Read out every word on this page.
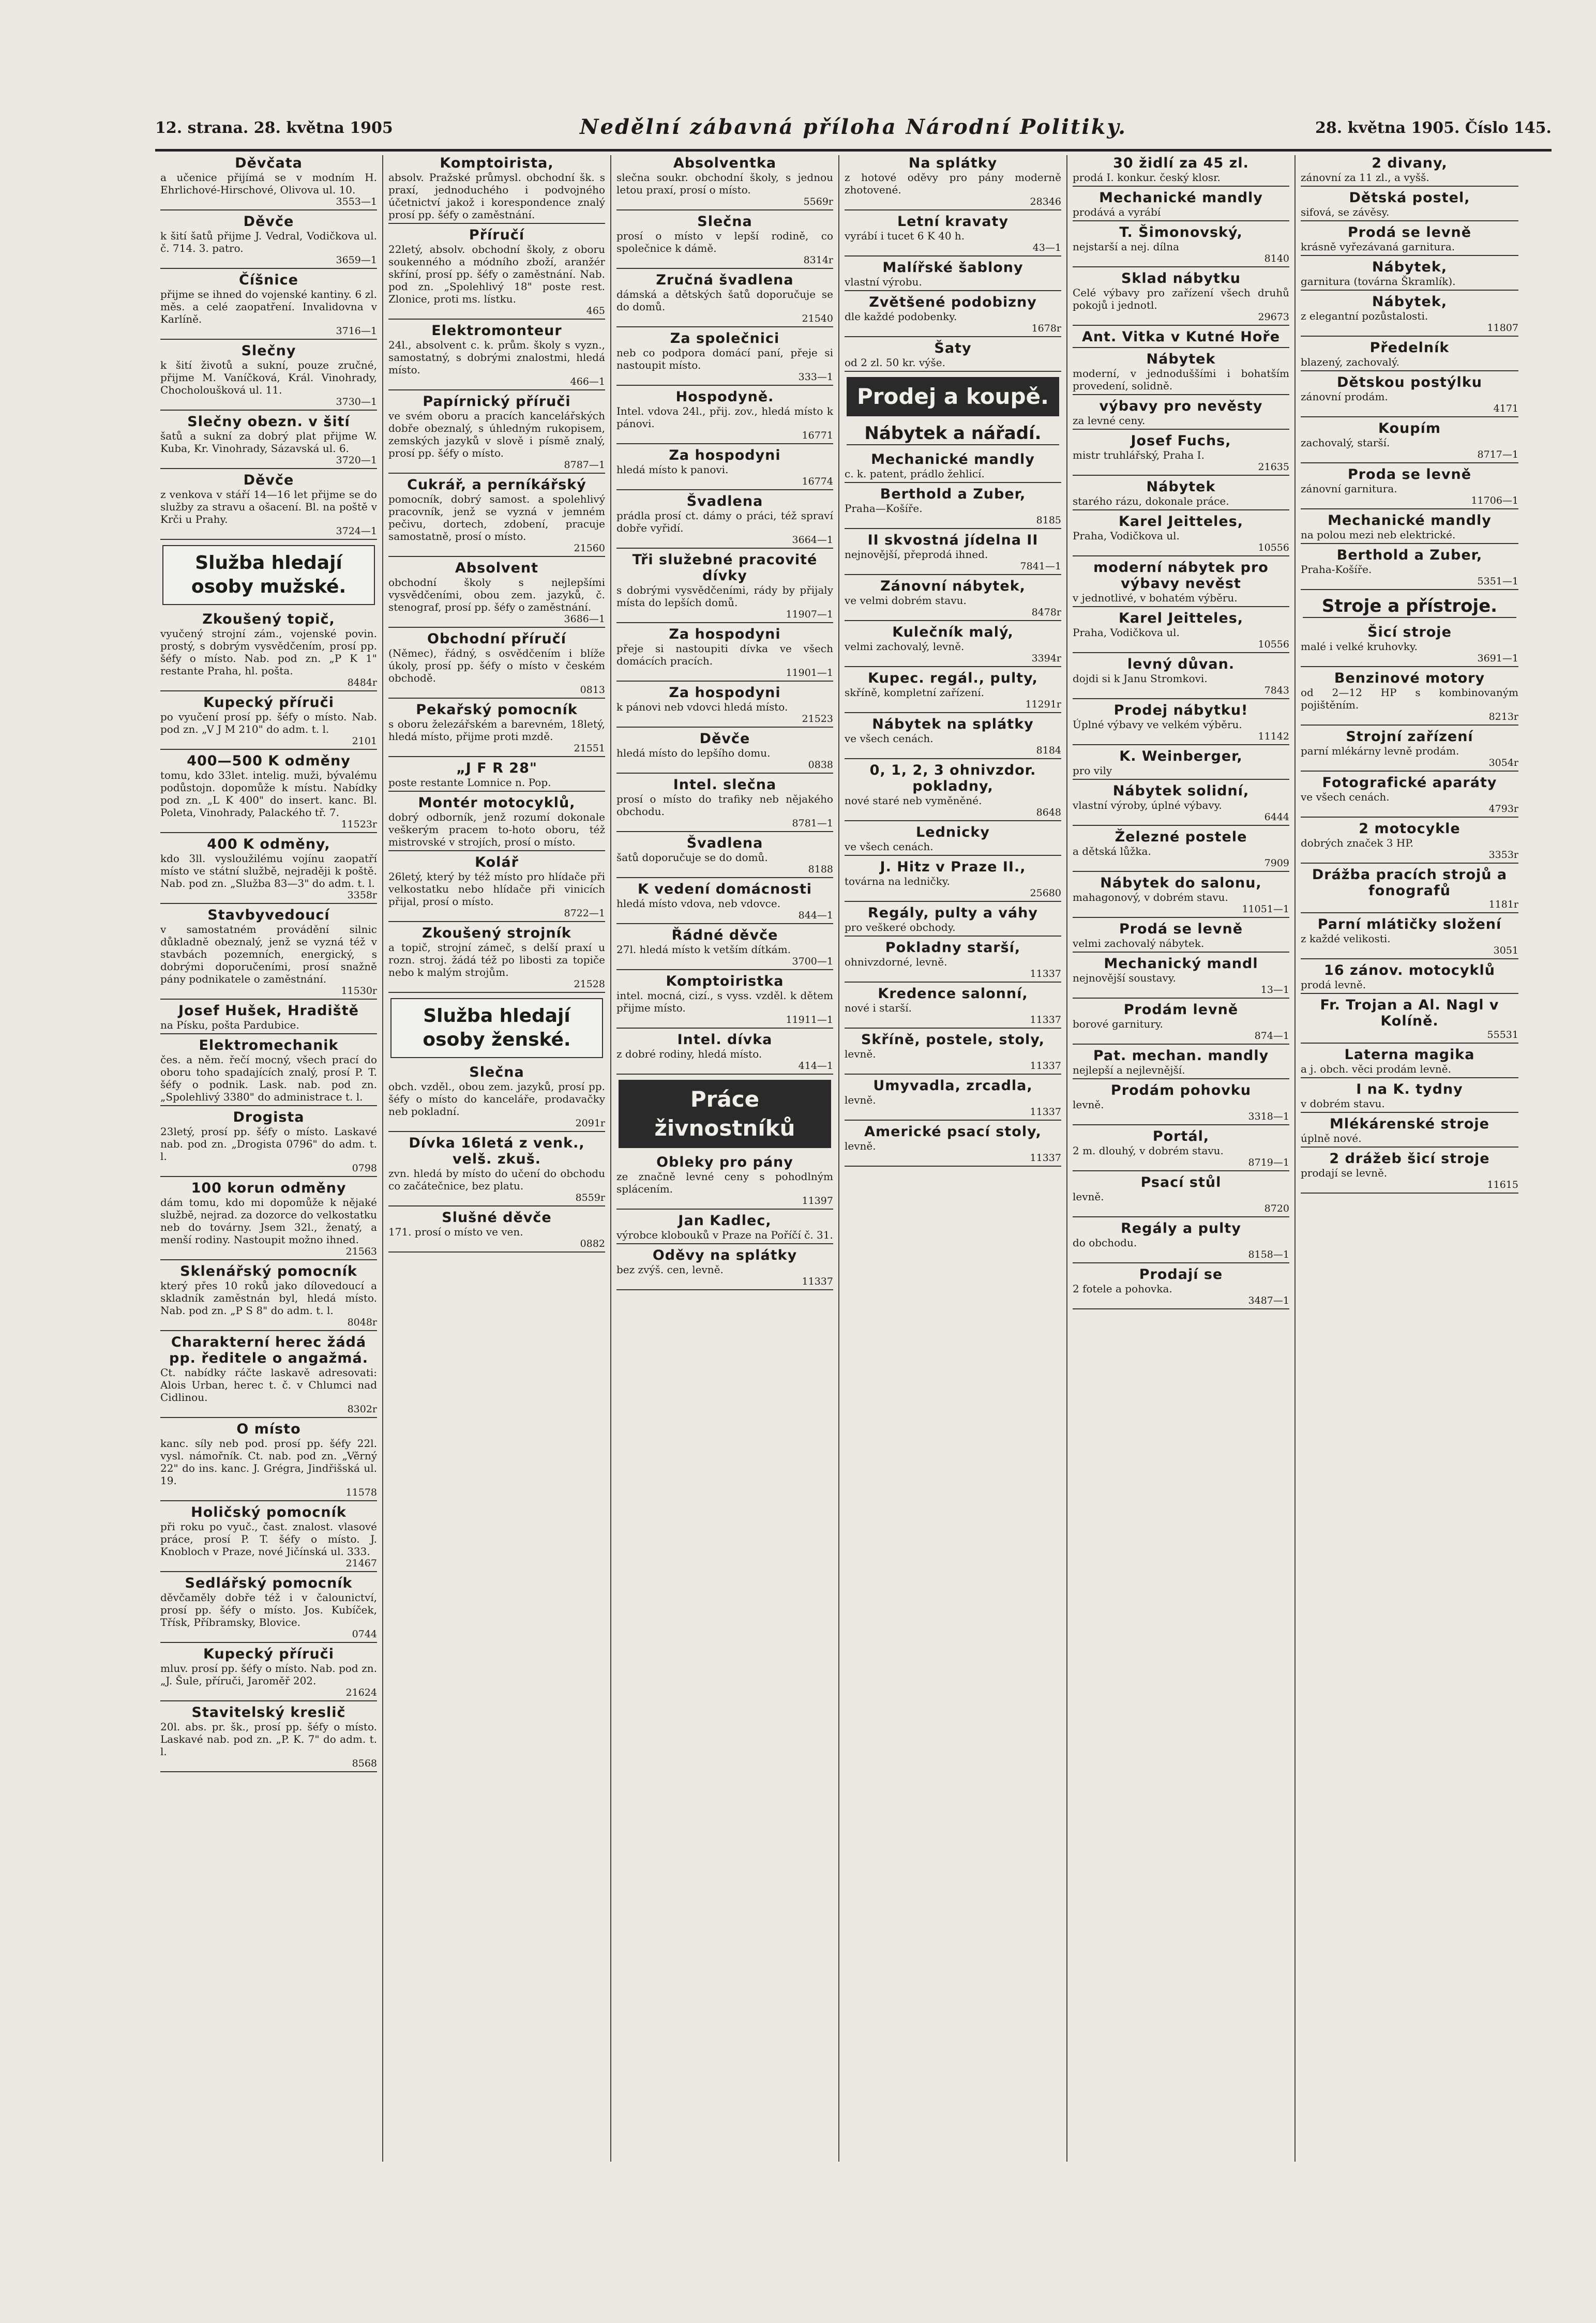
12. strana. 28. května 1905	Nedělní zábavná příloha Národní Politiky.	28. května 1905. Číslo 145.
Děvčata

a učenice přijímá se v modním H. Ehrlichové-Hirschové, Olivova ul. 10.

3553—1
Děvče

k šití šatů přijme J. Vedral, Vodičkova ul. č. 714. 3. patro.

3659—1
Číšnice

přijme se ihned do vojenské kantiny. 6 zl. měs. a celé zaopatření. Invalidovna v Karlíně.

3716—1
Slečny

k šití životů a sukní, pouze zručné, přijme M. Vaníčková, Král. Vinohrady, Chocholoušková ul. 11.

3730—1
Slečny obezn. v šití

šatů a sukní za dobrý plat přijme W. Kuba, Kr. Vinohrady, Sázavská ul. 6.

3720—1
Děvče

z venkova v stáří 14—16 let přijme se do služby za stravu a ošacení. Bl. na poště v Krči u Prahy.

3724—1
Služba hledají osoby mužské.
Zkoušený topič,

vyučený strojní zám., vojenské povin. prostý, s dobrým vysvědčením, prosí pp. šéfy o místo. Nab. pod zn. „P K 1" restante Praha, hl. pošta.

8484r
Kupecký příruči

po vyučení prosí pp. šéfy o místo. Nab. pod zn. „V J M 210" do adm. t. l.

2101
400—500 K odměny

tomu, kdo 33let. intelig. muži, bývalému podůstojn. dopomůže k místu. Nabídky pod zn. „L K 400" do insert. kanc. Bl. Poleta, Vinohrady, Palackého tř. 7.

11523r
400 K odměny,

kdo 3ll. vysloužilému vojínu zaopatří místo ve státní službě, nejraději k poště. Nab. pod zn. „Služba 83—3" do adm. t. l.

3358r
Stavbyvedoucí

v samostatném provádění silnic důkladně obeznalý, jenž se vyzná též v stavbách pozemních, energický, s dobrými doporučeními, prosí snažně pány podnikatele o zaměstnání.

11530r
Josef Hušek, Hradiště

na Písku, pošta Pardubice.

Elektromechanik

čes. a něm. řečí mocný, všech prací do oboru toho spadajících znalý, prosí P. T. šéfy o podnik. Lask. nab. pod zn. „Spolehlivý 3380" do administrace t. l.

Drogista

23letý, prosí pp. šéfy o místo. Laskavé nab. pod zn. „Drogista 0796" do adm. t. l.

0798
100 korun odměny

dám tomu, kdo mi dopomůže k nějaké službě, nejrad. za dozorce do velkostatku neb do továrny. Jsem 32l., ženatý, a menší rodiny. Nastoupit možno ihned.

21563
Sklenářský pomocník

který přes 10 roků jako dílovedoucí a skladník zaměstnán byl, hledá místo. Nab. pod zn. „P S 8" do adm. t. l.

8048r
Charakterní herec žádá pp. ředitele o angažmá.

Ct. nabídky ráčte laskavě adresovati: Alois Urban, herec t. č. v Chlumci nad Cidlinou.

8302r
O místo

kanc. síly neb pod. prosí pp. šéfy 22l. vysl. námořník. Ct. nab. pod zn. „Věrný 22" do ins. kanc. J. Grégra, Jindřišská ul. 19.

11578
Holičský pomocník

při roku po vyuč., čast. znalost. vlasové práce, prosí P. T. šéfy o místo. J. Knobloch v Praze, nové Jičínská ul. 333.

21467
Sedlářský pomocník

děvčaměly dobře též i v čalounictví, prosí pp. šéfy o místo. Jos. Kubíček, Třísk, Příbramsky, Blovice.

0744
Kupecký příruči

mluv. prosí pp. šéfy o místo. Nab. pod zn. „J. Šule, příruči, Jaroměř 202.

21624
Stavitelský kreslič

20l. abs. pr. šk., prosí pp. šéfy o místo. Laskavé nab. pod zn. „P. K. 7" do adm. t. l.

8568
Komptoirista,

absolv. Pražské průmysl. obchodní šk. s praxí, jednoduchého i podvojného účetnictví jakož i korespondence znalý prosí pp. šéfy o zaměstnání.

Příručí

22letý, absolv. obchodní školy, z oboru soukenného a módního zboží, aranžér skříní, prosí pp. šéfy o zaměstnání. Nab. pod zn. „Spolehlivý 18" poste rest. Zlonice, proti ms. lístku.

465
Elektromonteur

24l., absolvent c. k. prům. školy s vyzn., samostatný, s dobrými znalostmi, hledá místo.

466—1
Papírnický příruči

ve svém oboru a pracích kancelářských dobře obeznalý, s úhledným rukopisem, zemských jazyků v slově i písmě znalý, prosí pp. šéfy o místo.

8787—1
Cukrář, a perníkářský

pomocník, dobrý samost. a spolehlivý pracovník, jenž se vyzná v jemném pečivu, dortech, zdobení, pracuje samostatně, prosí o místo.

21560
Absolvent

obchodní školy s nejlepšími vysvědčeními, obou zem. jazyků, č. stenograf, prosí pp. šéfy o zaměstnání.

3686—1
Obchodní příručí

(Němec), řádný, s osvědčením i blíže úkoly, prosí pp. šéfy o místo v českém obchodě.

0813
Pekařský pomocník

s oboru železářském a barevném, 18letý, hledá místo, přijme proti mzdě.

21551
„J F R 28"

poste restante Lomnice n. Pop.

Montér motocyklů,

dobrý odborník, jenž rozumí dokonale veškerým pracem to-hoto oboru, též mistrovské v strojích, prosí o místo.

Kolář

26letý, který by též místo pro hlídače při velkostatku nebo hlídače při vinicích přijal, prosí o místo.

8722—1
Zkoušený strojník

a topič, strojní zámeč, s delší praxí u rozn. stroj. žádá též po libosti za topiče nebo k malým strojům.

21528
Služba hledají osoby ženské.
Slečna

obch. vzděl., obou zem. jazyků, prosí pp. šéfy o místo do kanceláře, prodavačky neb pokladní.

2091r
Dívka 16letá z venk., velš. zkuš.

zvn. hledá by místo do učení do obchodu co začátečnice, bez platu.

8559r
Slušné děvče

171. prosí o místo ve ven.

0882
Absolventka

slečna soukr. obchodní školy, s jednou letou praxí, prosí o místo.

5569r
Slečna

prosí o místo v lepší rodině, co společnice k dámě.

8314r
Zručná švadlena

dámská a dětských šatů doporučuje se do domů.

21540
Za společnici

neb co podpora domácí paní, přeje si nastoupit místo.

333—1
Hospodyně.

Intel. vdova 24l., přij. zov., hledá místo k pánovi.

16771
Za hospodyni

hledá místo k panovi.

16774
Švadlena

prádla prosí ct. dámy o práci, též spraví dobře vyřidí.

3664—1
Tři služebné pracovité dívky

s dobrými vysvědčeními, rády by přijaly místa do lepších domů.

11907—1
Za hospodyni

přeje si nastoupiti dívka ve všech domácích pracích.

11901—1
Za hospodyni

k pánovi neb vdovci hledá místo.

21523
Děvče

hledá místo do lepšího domu.

0838
Intel. slečna

prosí o místo do trafiky neb nějakého obchodu.

8781—1
Švadlena

šatů doporučuje se do domů.

8188
K vedení domácnosti

hledá místo vdova, neb vdovce.

844—1
Řádné děvče

27l. hledá místo k vetším dítkám.

3700—1
Komptoiristka

intel. mocná, cizí., s vyss. vzděl. k dětem přijme místo.

11911—1
Intel. dívka

z dobré rodiny, hledá místo.

414—1
Práce živnostníků
Obleky pro pány

ze značně levné ceny s pohodlným splácením.

11397
Jan Kadlec,

výrobce klobouků v Praze na Poříčí č. 31.

Oděvy na splátky

bez zvýš. cen, levně.

11337
Na splátky

z hotové oděvy pro pány moderně zhotovené.

28346
Letní kravaty

vyrábí i tucet 6 K 40 h.

43—1
Malířské šablony

vlastní výrobu.

Zvětšené podobizny

dle každé podobenky.

1678r
Šaty

od 2 zl. 50 kr. výše.

Prodej a koupě.
Nábytek a nářadí.
Mechanické mandly

c. k. patent, prádlo žehlicí.

Berthold a Zuber,

Praha—Košíře.

8185
II skvostná jídelna II

nejnovější, přeprodá ihned.

7841—1
Zánovní nábytek,

ve velmi dobrém stavu.

8478r
Kulečník malý,

velmi zachovalý, levně.

3394r
Kupec. regál., pulty,

skříně, kompletní zařízení.

11291r
Nábytek na splátky

ve všech cenách.

8184
0, 1, 2, 3 ohnivzdor. pokladny,

nové staré neb vyměněné.

8648
Lednicky

ve všech cenách.

J. Hitz v Praze II.,

továrna na ledničky.

25680
Regály, pulty a váhy

pro veškeré obchody.

Pokladny starší,

ohnivzdorné, levně.

11337
Kredence salonní,

nové i starší.

11337
Skříně, postele, stoly,

levně.

11337
Umyvadla, zrcadla,

levně.

11337
Americké psací stoly,

levně.

11337
30 židlí za 45 zl.

prodá I. konkur. český klosr.

Mechanické mandly

prodává a vyrábí

T. Šimonovský,

nejstarší a nej. dílna

8140
Sklad nábytku

Celé výbavy pro zařízení všech druhů pokojů i jednotl.

29673
Ant. Vitka v Kutné Hoře
Nábytek

moderní, v jednoduššími i bohatším provedení, solidně.

výbavy pro nevěsty

za levné ceny.

Josef Fuchs,

mistr truhlářský, Praha I.

21635
Nábytek

starého rázu, dokonale práce.

Karel Jeitteles,

Praha, Vodičkova ul.

10556
moderní nábytek pro výbavy nevěst

v jednotlivé, v bohatém výběru.

Karel Jeitteles,

Praha, Vodičkova ul.

10556
levný důvan.

dojdi si k Janu Stromkovi.

7843
Prodej nábytku!

Úplné výbavy ve velkém výběru.

11142
K. Weinberger,

pro vily

Nábytek solidní,

vlastní výroby, úplné výbavy.

6444
Železné postele

a dětská lůžka.

7909
Nábytek do salonu,

mahagonový, v dobrém stavu.

11051—1
Prodá se levně

velmi zachovalý nábytek.

Mechanický mandl

nejnovější soustavy.

13—1
Prodám levně

borové garnitury.

874—1
Pat. mechan. mandly

nejlepší a nejlevnější.

Prodám pohovku

levně.

3318—1
Portál,

2 m. dlouhý, v dobrém stavu.

8719—1
Psací stůl

levně.

8720
Regály a pulty

do obchodu.

8158—1
Prodají se

2 fotele a pohovka.

3487—1
2 divany,

zánovní za 11 zl., a vyšš.

Dětská postel,

sifová, se závěsy.

Prodá se levně

krásně vyřezávaná garnitura.

Nábytek,

garnitura (továrna Škramlík).

Nábytek,

z elegantní pozůstalosti.

11807
Předelník

blazený, zachovalý.

Dětskou postýlku

zánovní prodám.

4171
Koupím

zachovalý, starší.

8717—1
Proda se levně

zánovní garnitura.

11706—1
Mechanické mandly

na polou mezi neb elektrické.

Berthold a Zuber,

Praha-Košíře.

5351—1
Stroje a přístroje.
Šicí stroje

malé i velké kruhovky.

3691—1
Benzinové motory

od 2—12 HP s kombinovaným pojištěním.

8213r
Strojní zařízení

parní mlékárny levně prodám.

3054r
Fotografické aparáty

ve všech cenách.

4793r
2 motocykle

dobrých značek 3 HP.

3353r
Drážba pracích strojů a fonografů
1181r
Parní mlátičky složení

z každé velikosti.

3051
16 zánov. motocyklů

prodá levně.

Fr. Trojan a Al. Nagl v Kolíně.
55531
Laterna magika

a j. obch. věci prodám levně.

I na K. tydny

v dobrém stavu.

Mlékárenské stroje

úplně nové.

2 drážeb šicí stroje

prodají se levně.

11615
